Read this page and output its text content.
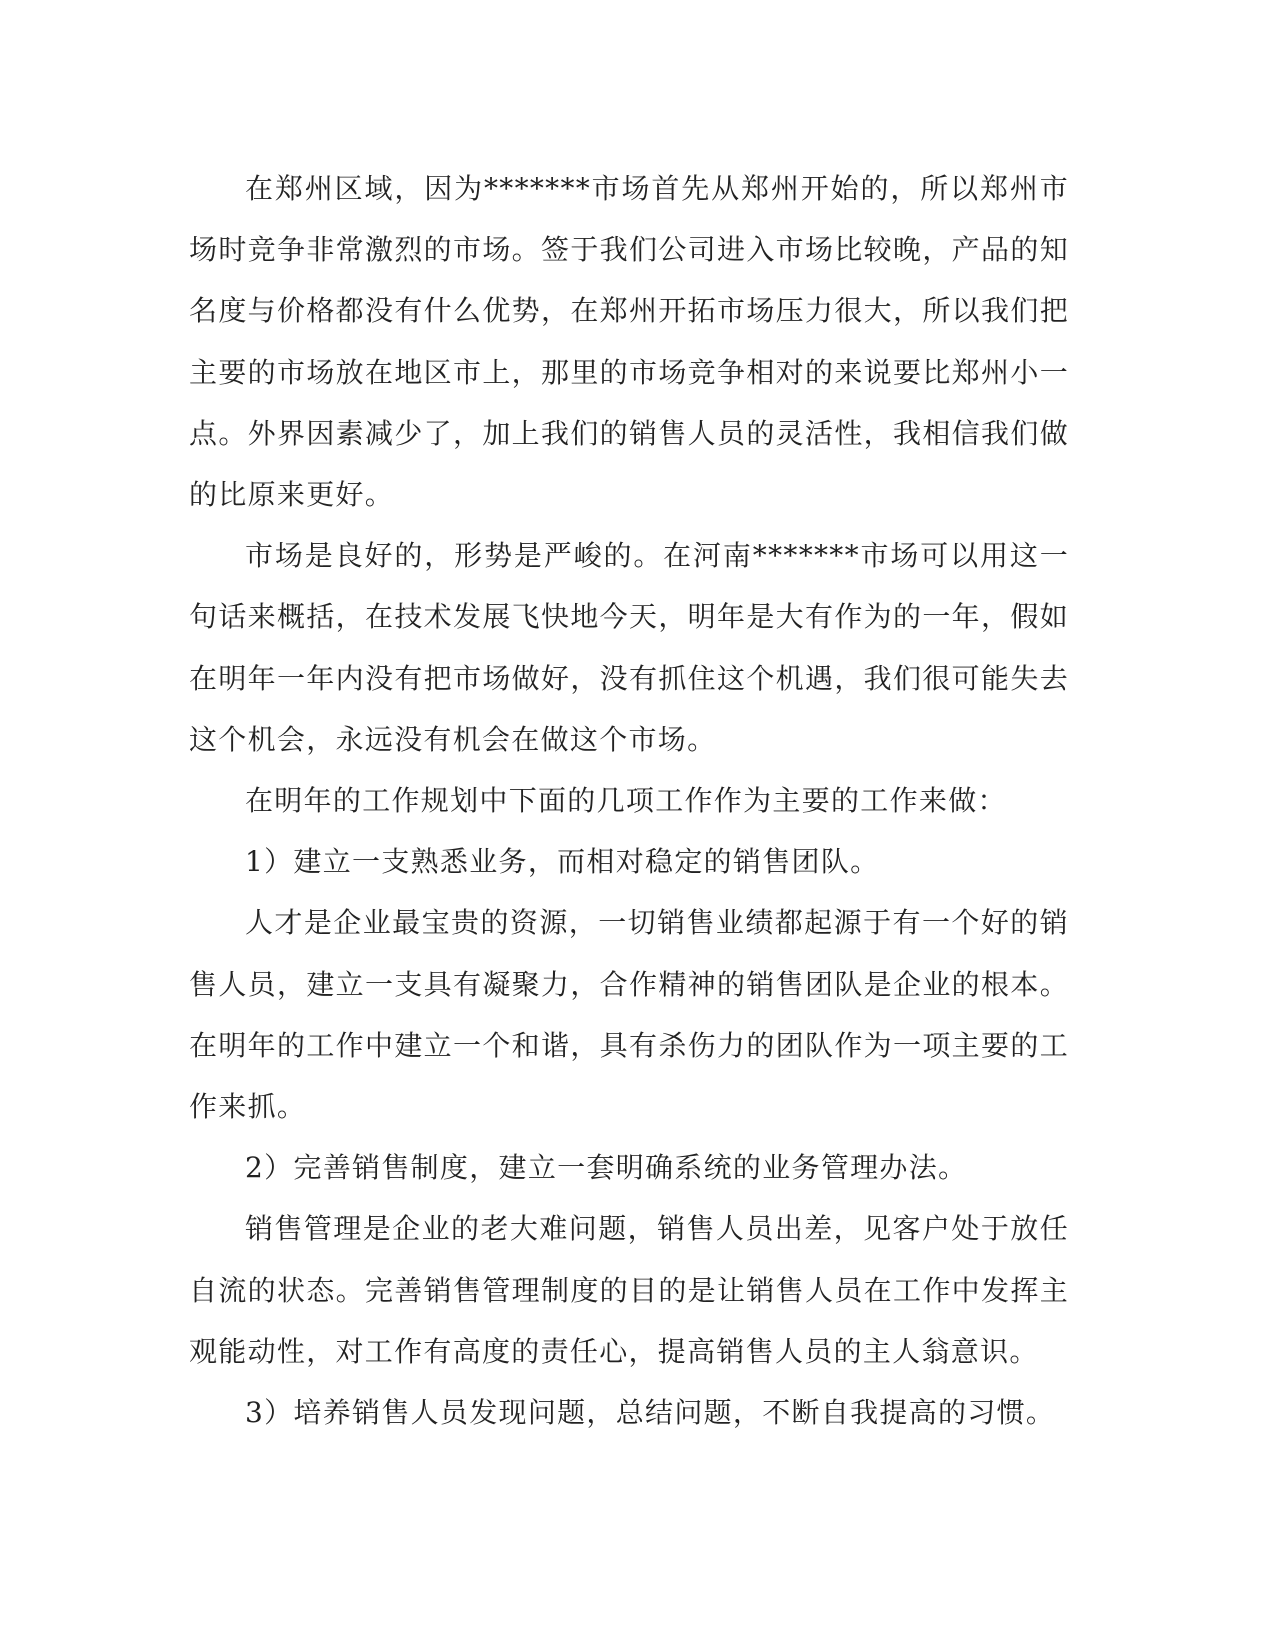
在郑州区域，因为*******市场首先从郑州开始的，所以郑州市场时竞争非常激烈的市场。签于我们公司进入市场比较晚，产品的知名度与价格都没有什么优势，在郑州开拓市场压力很大，所以我们把主要的市场放在地区市上，那里的市场竞争相对的来说要比郑州小一点。外界因素减少了，加上我们的销售人员的灵活性，我相信我们做的比原来更好。

市场是良好的，形势是严峻的。在河南*******市场可以用这一句话来概括，在技术发展飞快地今天，明年是大有作为的一年，假如在明年一年内没有把市场做好，没有抓住这个机遇，我们很可能失去这个机会，永远没有机会在做这个市场。

在明年的工作规划中下面的几项工作作为主要的工作来做：

1）建立一支熟悉业务，而相对稳定的销售团队。

人才是企业最宝贵的资源，一切销售业绩都起源于有一个好的销售人员，建立一支具有凝聚力，合作精神的销售团队是企业的根本。在明年的工作中建立一个和谐，具有杀伤力的团队作为一项主要的工作来抓。

2）完善销售制度，建立一套明确系统的业务管理办法。

销售管理是企业的老大难问题，销售人员出差，见客户处于放任自流的状态。完善销售管理制度的目的是让销售人员在工作中发挥主观能动性，对工作有高度的责任心，提高销售人员的主人翁意识。

3）培养销售人员发现问题，总结问题，不断自我提高的习惯。
